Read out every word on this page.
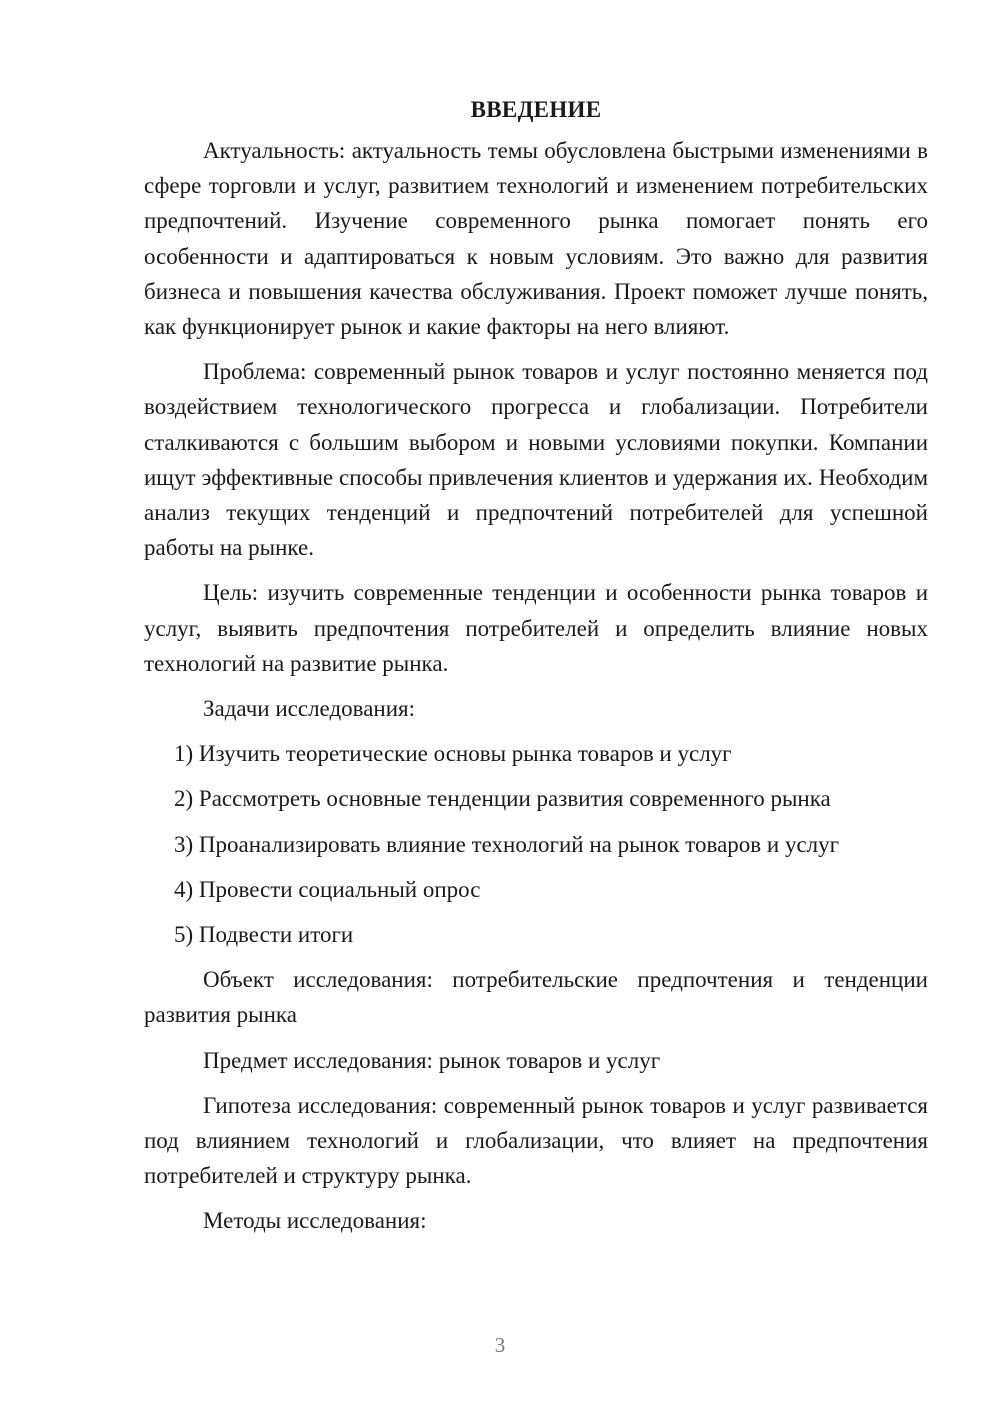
ВВЕДЕНИЕ

Актуальность: актуальность темы обусловлена быстрыми изменениями в сфере торговли и услуг, развитием технологий и изменением потребительских предпочтений. Изучение современного рынка помогает понять его особенности и адаптироваться к новым условиям. Это важно для развития бизнеса и повышения качества обслуживания. Проект поможет лучше понять, как функционирует рынок и какие факторы на него влияют.

Проблема: современный рынок товаров и услуг постоянно меняется под воздействием технологического прогресса и глобализации. Потребители сталкиваются с большим выбором и новыми условиями покупки. Компании ищут эффективные способы привлечения клиентов и удержания их. Необходим анализ текущих тенденций и предпочтений потребителей для успешной работы на рынке.

Цель: изучить современные тенденции и особенности рынка товаров и услуг, выявить предпочтения потребителей и определить влияние новых технологий на развитие рынка.

Задачи исследования:

1) Изучить теоретические основы рынка товаров и услуг
2) Рассмотреть основные тенденции развития современного рынка
3) Проанализировать влияние технологий на рынок товаров и услуг
4) Провести социальный опрос
5) Подвести итоги

Объект исследования: потребительские предпочтения и тенденции развития рынка

Предмет исследования: рынок товаров и услуг

Гипотеза исследования: современный рынок товаров и услуг развивается под влиянием технологий и глобализации, что влияет на предпочтения потребителей и структуру рынка.

Методы исследования:

3
